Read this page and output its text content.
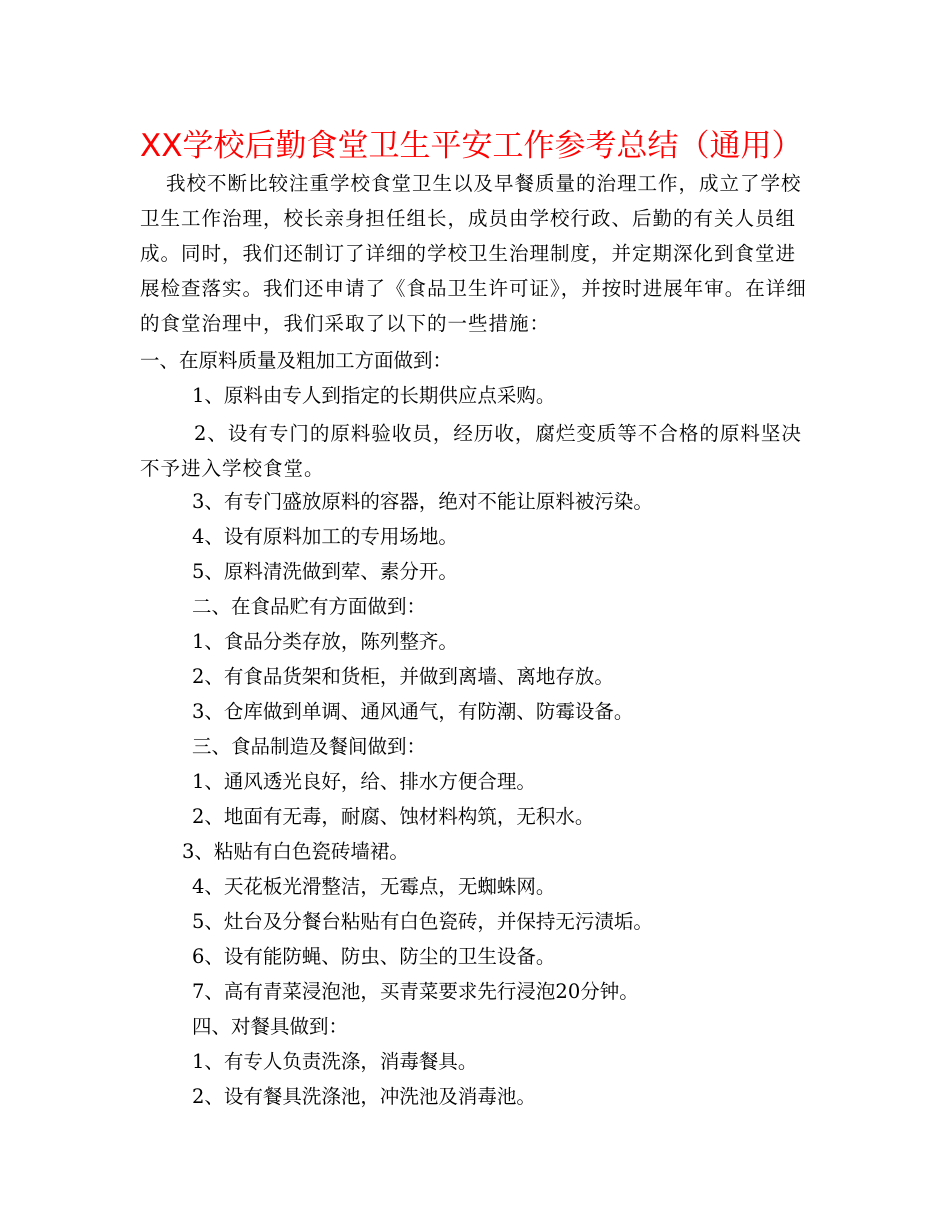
XX学校后勤食堂卫生平安工作参考总结（通用）
我校不断比较注重学校食堂卫生以及早餐质量的治理工作，成立了学校卫生工作治理，校长亲身担任组长，成员由学校行政、后勤的有关人员组成。同时，我们还制订了详细的学校卫生治理制度，并定期深化到食堂进展检查落实。我们还申请了《食品卫生许可证》，并按时进展年审。在详细的食堂治理中，我们采取了以下的一些措施：
一、在原料质量及粗加工方面做到：
1、原料由专人到指定的长期供应点采购。
2、设有专门的原料验收员，经历收，腐烂变质等不合格的原料坚决不予进入学校食堂。
3、有专门盛放原料的容器，绝对不能让原料被污染。
4、设有原料加工的专用场地。
5、原料清洗做到荤、素分开。
二、在食品贮有方面做到：
1、食品分类存放，陈列整齐。
2、有食品货架和货柜，并做到离墙、离地存放。
3、仓库做到单调、通风通气，有防潮、防霉设备。
三、食品制造及餐间做到：
1、通风透光良好，给、排水方便合理。
2、地面有无毒，耐腐、蚀材料构筑，无积水。
3、粘贴有白色瓷砖墙裙。
4、天花板光滑整洁，无霉点，无蜘蛛网。
5、灶台及分餐台粘贴有白色瓷砖，并保持无污渍垢。
6、设有能防蝇、防虫、防尘的卫生设备。
7、高有青菜浸泡池，买青菜要求先行浸泡20分钟。
四、对餐具做到：
1、有专人负责洗涤，消毒餐具。
2、设有餐具洗涤池，冲洗池及消毒池。
